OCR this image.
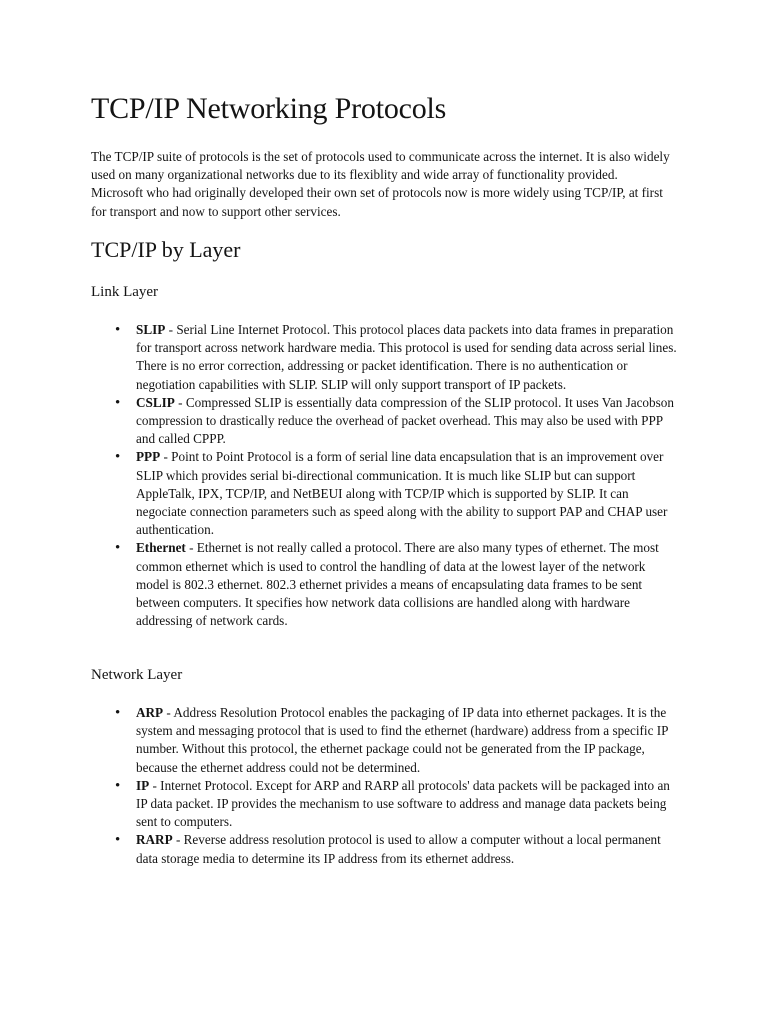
TCP/IP Networking Protocols

The TCP/IP suite of protocols is the set of protocols used to communicate across the internet. It is also widely used on many organizational networks due to its flexiblity and wide array of functionality provided. Microsoft who had originally developed their own set of protocols now is more widely using TCP/IP, at first for transport and now to support other services.

TCP/IP by Layer
Link Layer
• SLIP - Serial Line Internet Protocol. This protocol places data packets into data frames in preparation for transport across network hardware media. This protocol is used for sending data across serial lines. There is no error correction, addressing or packet identification. There is no authentication or negotiation capabilities with SLIP. SLIP will only support transport of IP packets.
• CSLIP - Compressed SLIP is essentially data compression of the SLIP protocol. It uses Van Jacobson compression to drastically reduce the overhead of packet overhead. This may also be used with PPP and called CPPP.
• PPP - Point to Point Protocol is a form of serial line data encapsulation that is an improvement over SLIP which provides serial bi-directional communication. It is much like SLIP but can support AppleTalk, IPX, TCP/IP, and NetBEUI along with TCP/IP which is supported by SLIP. It can negociate connection parameters such as speed along with the ability to support PAP and CHAP user authentication.
• Ethernet - Ethernet is not really called a protocol. There are also many types of ethernet. The most common ethernet which is used to control the handling of data at the lowest layer of the network model is 802.3 ethernet. 802.3 ethernet privides a means of encapsulating data frames to be sent between computers. It specifies how network data collisions are handled along with hardware addressing of network cards.
Network Layer
• ARP - Address Resolution Protocol enables the packaging of IP data into ethernet packages. It is the system and messaging protocol that is used to find the ethernet (hardware) address from a specific IP number. Without this protocol, the ethernet package could not be generated from the IP package, because the ethernet address could not be determined.
• IP - Internet Protocol. Except for ARP and RARP all protocols' data packets will be packaged into an IP data packet. IP provides the mechanism to use software to address and manage data packets being sent to computers.
• RARP - Reverse address resolution protocol is used to allow a computer without a local permanent data storage media to determine its IP address from its ethernet address.
